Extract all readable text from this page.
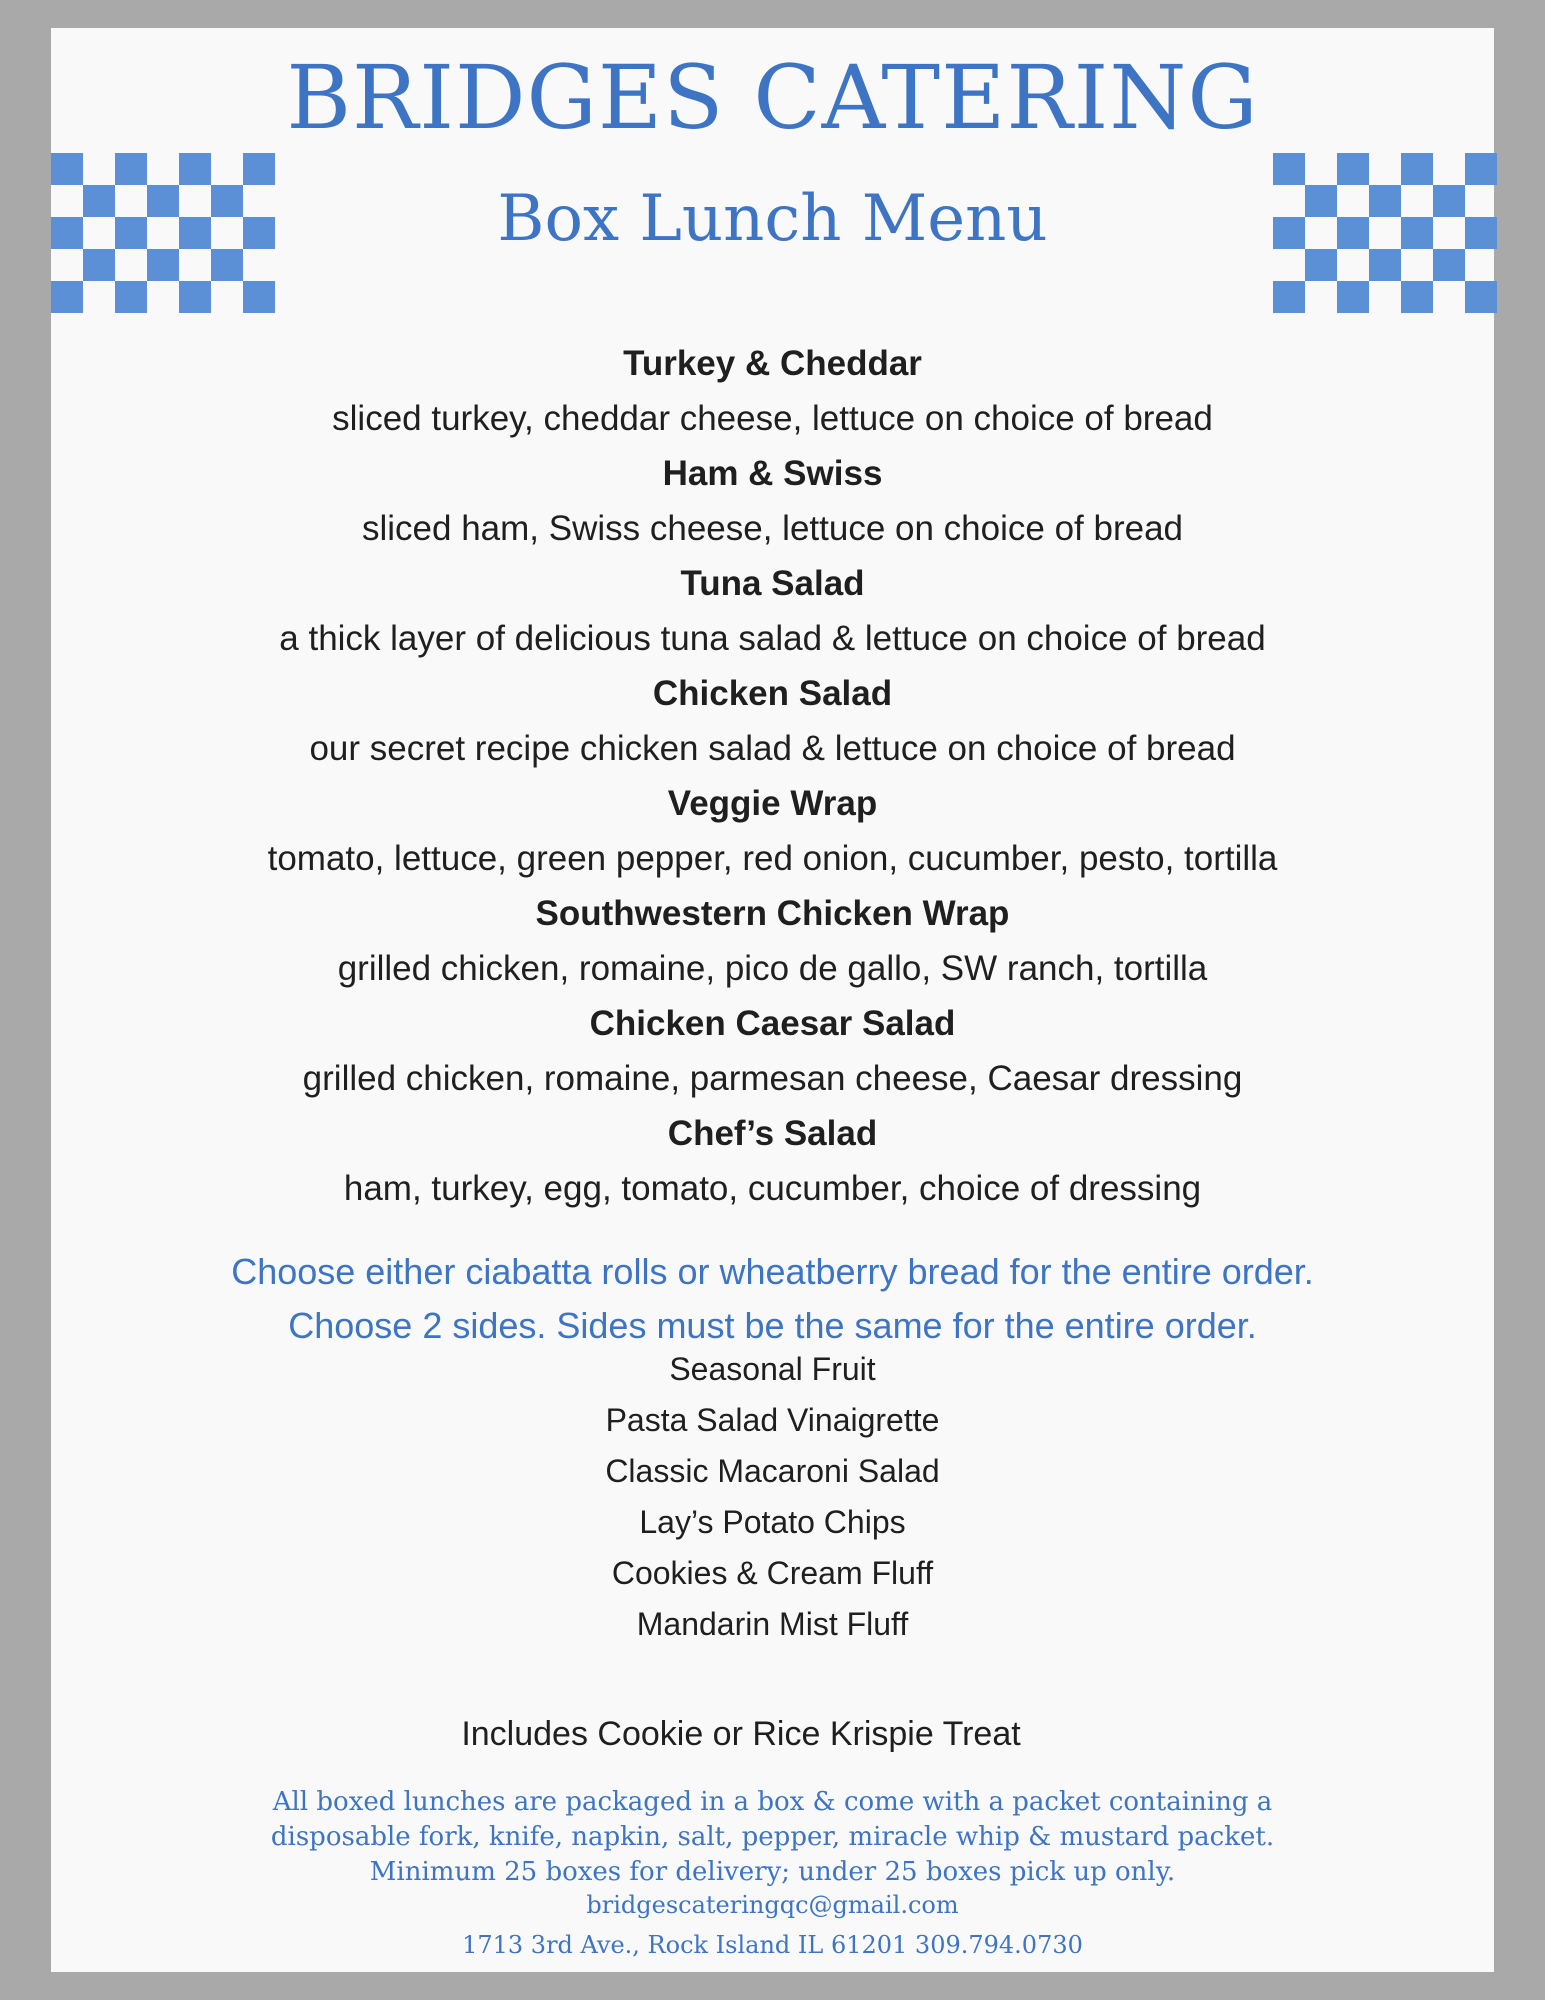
BRIDGES CATERING
Box Lunch Menu
Turkey & Cheddar
sliced turkey, cheddar cheese, lettuce on choice of bread
Ham & Swiss
sliced ham, Swiss cheese, lettuce on choice of bread
Tuna Salad
a thick layer of delicious tuna salad & lettuce on choice of bread
Chicken Salad
our secret recipe chicken salad & lettuce on choice of bread
Veggie Wrap
tomato, lettuce, green pepper, red onion, cucumber, pesto, tortilla
Southwestern Chicken Wrap
grilled chicken, romaine, pico de gallo, SW ranch, tortilla
Chicken Caesar Salad
grilled chicken, romaine, parmesan cheese, Caesar dressing
Chef’s Salad
ham, turkey, egg, tomato, cucumber, choice of dressing
Choose either ciabatta rolls or wheatberry bread for the entire order.
Choose 2 sides. Sides must be the same for the entire order.
Seasonal Fruit
Pasta Salad Vinaigrette
Classic Macaroni Salad
Lay’s Potato Chips
Cookies & Cream Fluff
Mandarin Mist Fluff
Includes Cookie or Rice Krispie Treat
All boxed lunches are packaged in a box & come with a packet containing a
disposable fork, knife, napkin, salt, pepper, miracle whip & mustard packet.
Minimum 25 boxes for delivery; under 25 boxes pick up only.
bridgescateringqc@gmail.com
1713 3rd Ave., Rock Island IL 61201 309.794.0730
